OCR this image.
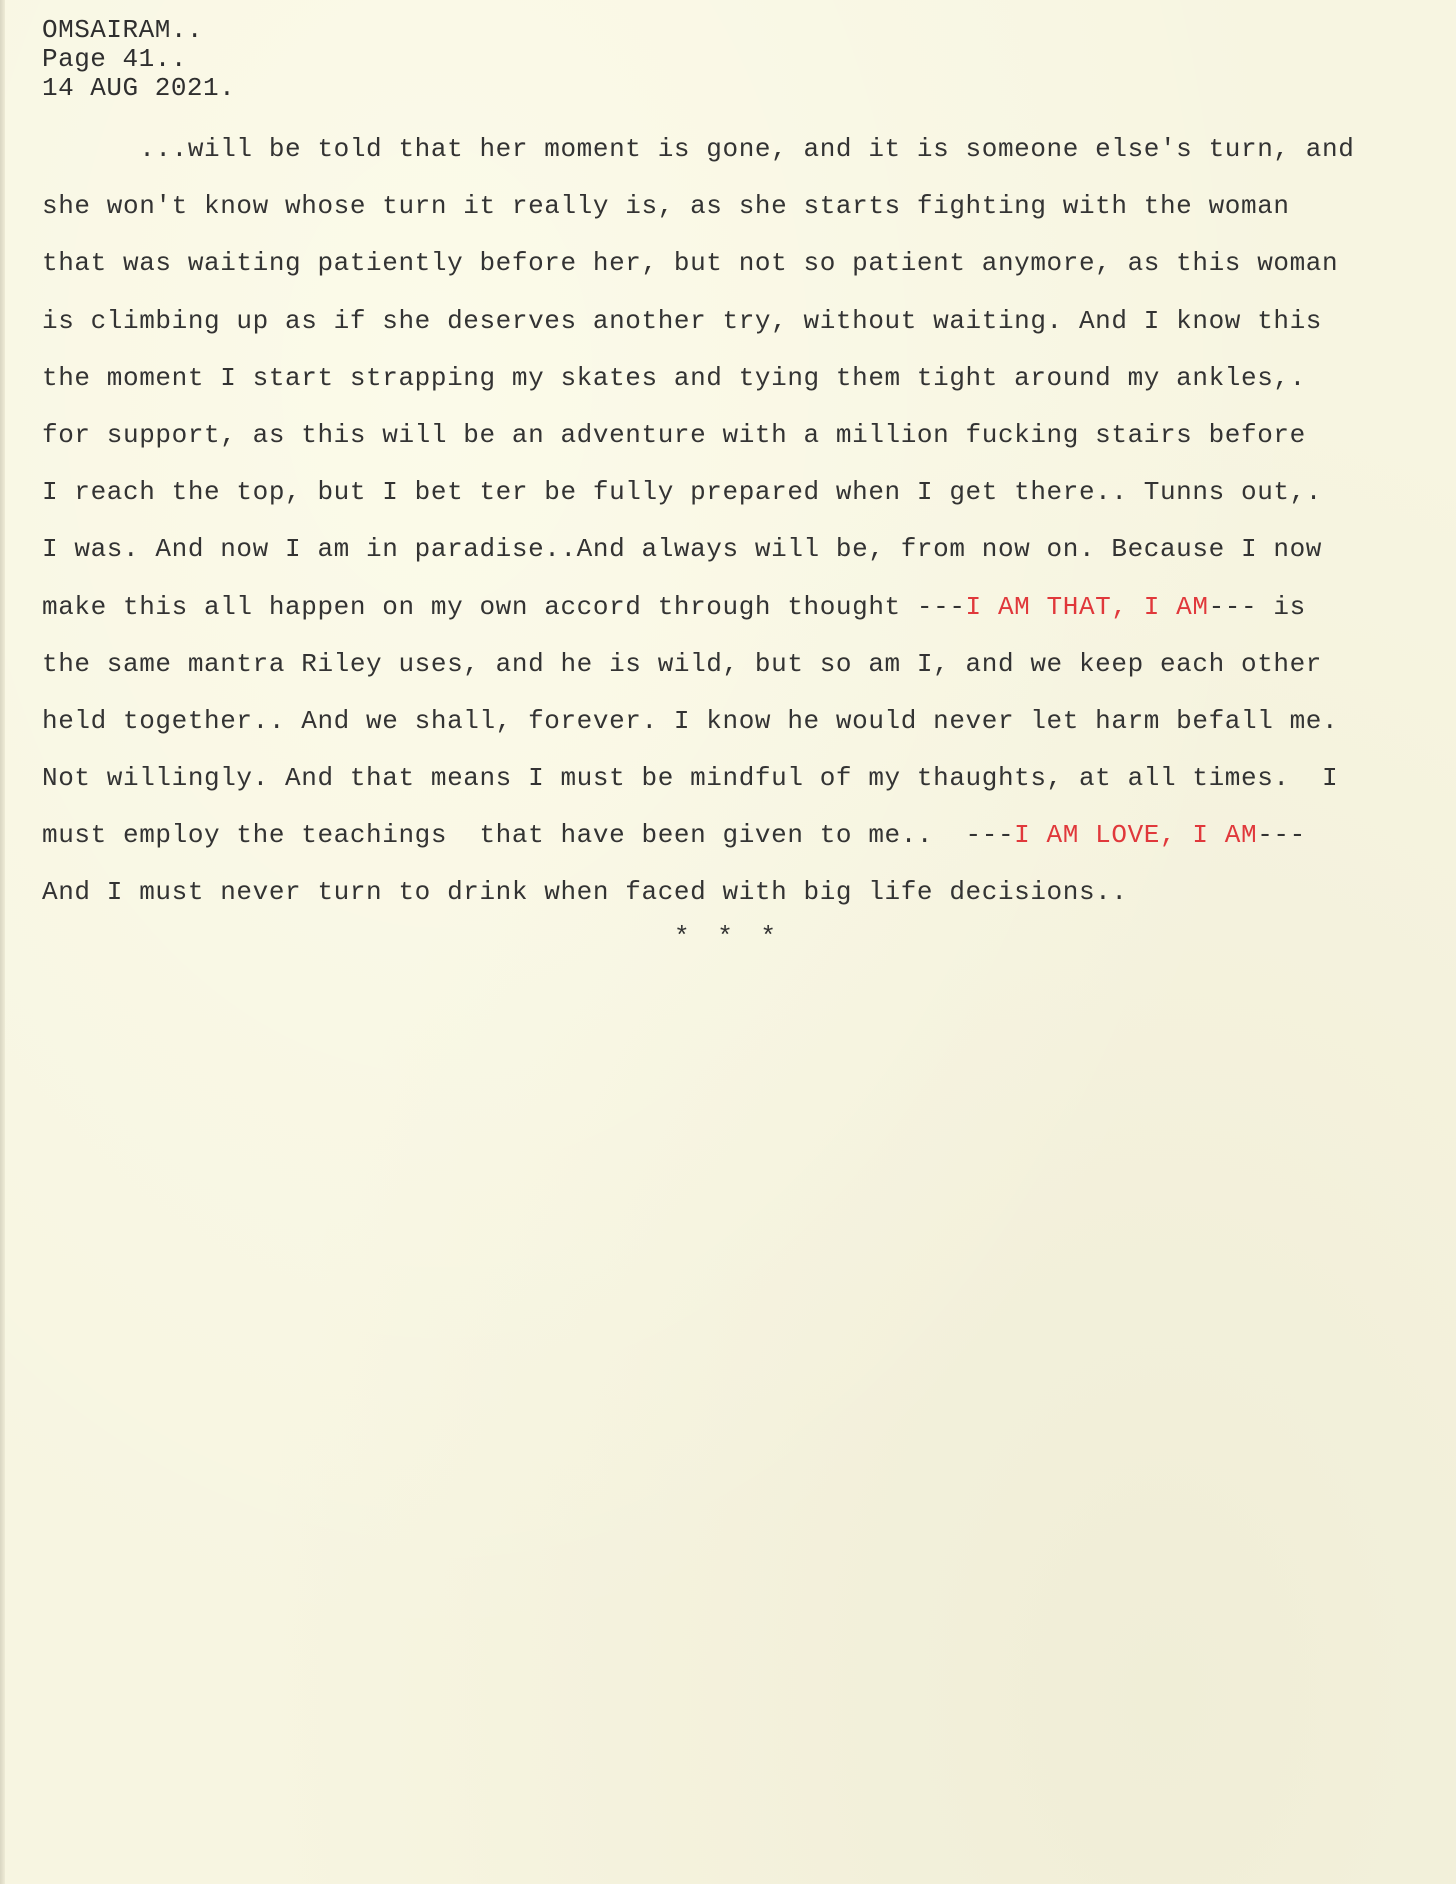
OMSAIRAM..
Page 41..
14 AUG 2021.
...will be told that her moment is gone, and it is someone else's turn, and
she won't know whose turn it really is, as she starts fighting with the woman
that was waiting patiently before her, but not so patient anymore, as this woman
is climbing up as if she deserves another try, without waiting. And I know this
the moment I start strapping my skates and tying them tight around my ankles,.
for support, as this will be an adventure with a million fucking stairs before
I reach the top, but I bet ter be fully prepared when I get there.. Tunns out,.
I was. And now I am in paradise..And always will be, from now on. Because I now
make this all happen on my own accord through thought ---I AM THAT, I AM--- is
the same mantra Riley uses, and he is wild, but so am I, and we keep each other
held together.. And we shall, forever. I know he would never let harm befall me.
Not willingly. And that means I must be mindful of my thaughts, at all times.  I
must employ the teachings  that have been given to me..  ---I AM LOVE, I AM---
And I must never turn to drink when faced with big life decisions..
* * *
